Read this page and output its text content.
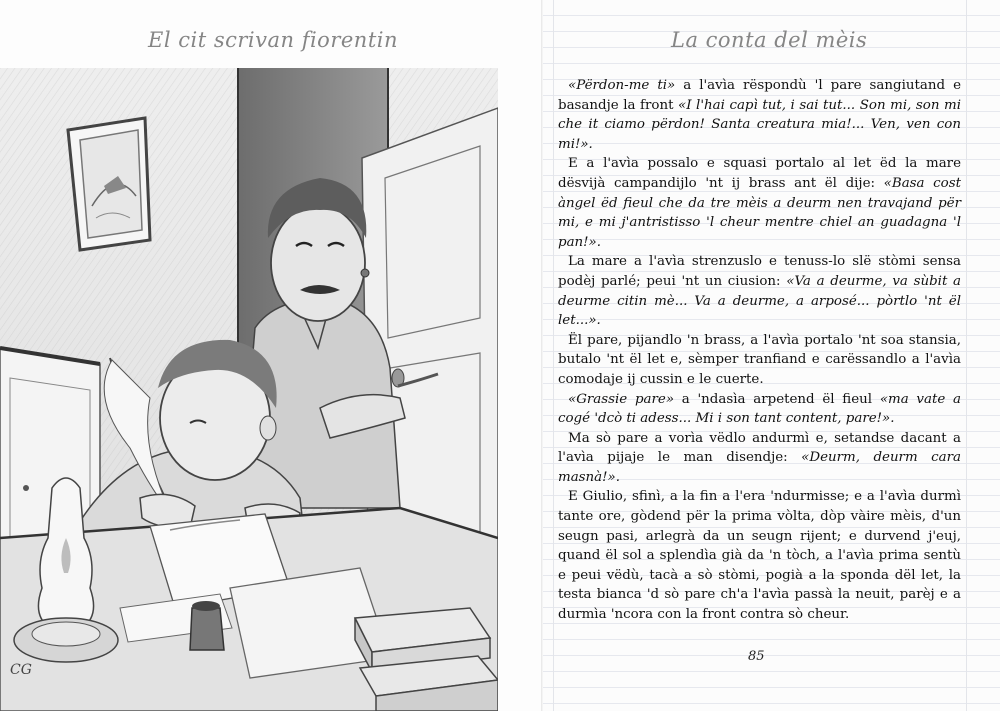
El cit scrivan fiorentin
CG
La conta del mèis

«Përdon-me ti» a l'avìa rëspondù 'l pare sangiutand e basandje la front «I l'hai capì tut, i sai tut... Son mi, son mi che it ciamo përdon! Santa creatura mia!... Ven, ven con mi!».

E a l'avìa possalo e squasi portalo al let ëd la mare dësvijà campandijlo 'nt ij brass ant ël dije: «Basa cost àngel ëd fieul che da tre mèis a deurm nen travajand për mi, e mi j'antristisso 'l cheur mentre chiel an guadagna 'l pan!».

La mare a l'avìa strenzuslo e tenuss-lo slë stòmi sensa podèj parlé; peui 'nt un ciusion: «Va a deurme, va sùbit a deurme citin mè... Va a deurme, a arposé... pòrtlo 'nt ël let...».

Ël pare, pijandlo 'n brass, a l'avìa portalo 'nt soa stansia, butalo 'nt ël let e, sèmper tranfiand e carëssandlo a l'avìa comodaje ij cussin e le cuerte.

«Grassie pare» a 'ndasìa arpetend ël fieul «ma vate a cogé 'dcò ti adess... Mi i son tant content, pare!».

Ma sò pare a vorìa vëdlo andurmì e, setandse dacant a l'avìa pijaje le man disendje: «Deurm, deurm cara masnà!».

E Giulio, sfinì, a la fin a l'era 'ndurmisse; e a l'avìa durmì tante ore, gòdend për la prima vòlta, dòp vàire mèis, d'un seugn pasi, arlegrà da un seugn rijent; e durvend j'euj, quand ël sol a splendìa già da 'n tòch, a l'avìa prima sentù e peui vëdù, tacà a sò stòmi, pogià a la sponda dël let, la testa bianca 'd sò pare ch'a l'avìa passà la neuit, parèj e a durmìa 'ncora con la front contra sò cheur.

85
